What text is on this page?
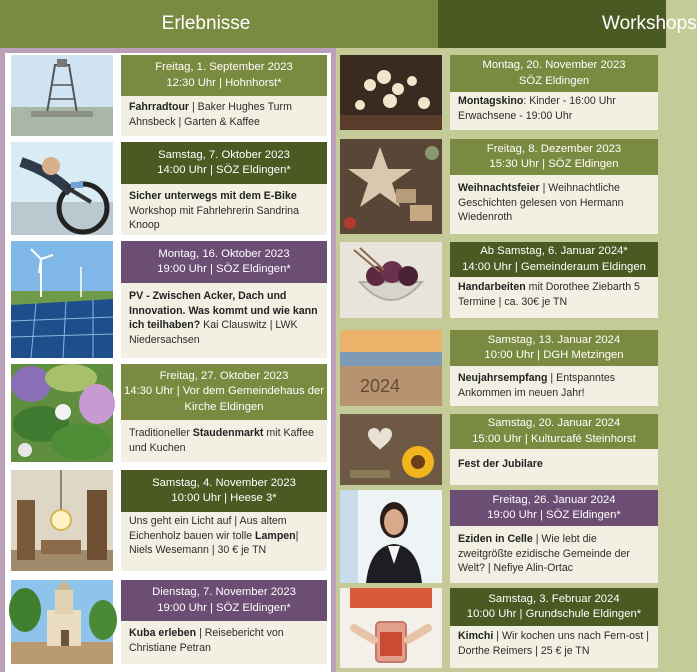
Erlebnisse	Workshops
Freitag, 1. September 2023
12:30 Uhr | Hohnhorst*
Fahrradtour | Baker Hughes Turm Ahnsbeck | Garten & Kaffee
Samstag, 7. Oktober 2023
14:00 Uhr | SÖZ Eldingen*
Sicher unterwegs mit dem E-Bike Workshop mit Fahrlehrerin Sandrina Knoop
Montag, 16. Oktober 2023
19:00 Uhr | SÖZ Eldingen*
PV - Zwischen Acker, Dach und Innovation. Was kommt und wie kann ich teilhaben? Kai Clauswitz | LWK Niedersachsen
Freitag, 27. Oktober 2023
14:30 Uhr | Vor dem Gemeindehaus der Kirche Eldingen
Traditioneller Staudenmarkt mit Kaffee und Kuchen
Samstag, 4. November 2023
10:00 Uhr | Heese 3*
Uns geht ein Licht auf | Aus altem Eichenholz bauen wir tolle Lampen| Niels Wesemann | 30 € je TN
Dienstag, 7. November 2023
19:00 Uhr | SÖZ Eldingen*
Kuba erleben | Reisebericht von Christiane Petran
Montag, 20. November 2023
SÖZ Eldingen
Montagskino: Kinder - 16:00 Uhr Erwachsene - 19:00 Uhr
Freitag, 8. Dezember 2023
15:30 Uhr | SÖZ Eldingen
Weihnachtsfeier | Weihnachtliche Geschichten gelesen von Hermann Wiedenroth
Ab Samstag, 6. Januar 2024*
14:00 Uhr | Gemeinderaum Eldingen
Handarbeiten mit Dorothee Ziebarth 5 Termine | ca. 30€ je TN
2024
Samstag, 13. Januar 2024
10:00 Uhr | DGH Metzingen
Neujahrsempfang | Entspanntes Ankommen im neuen Jahr!
Samstag, 20. Januar 2024
15:00 Uhr | Kulturcafé Steinhorst
Fest der Jubilare
Freitag, 26. Januar 2024
19:00 Uhr | SÖZ Eldingen*
Eziden in Celle | Wie lebt die zweitgrößte ezidische Gemeinde der Welt? | Nefiye Alin-Ortac
Samstag, 3. Februar 2024
10:00 Uhr | Grundschule Eldingen*
Kimchi | Wir kochen uns nach Fern-ost | Dorthe Reimers | 25 € je TN
